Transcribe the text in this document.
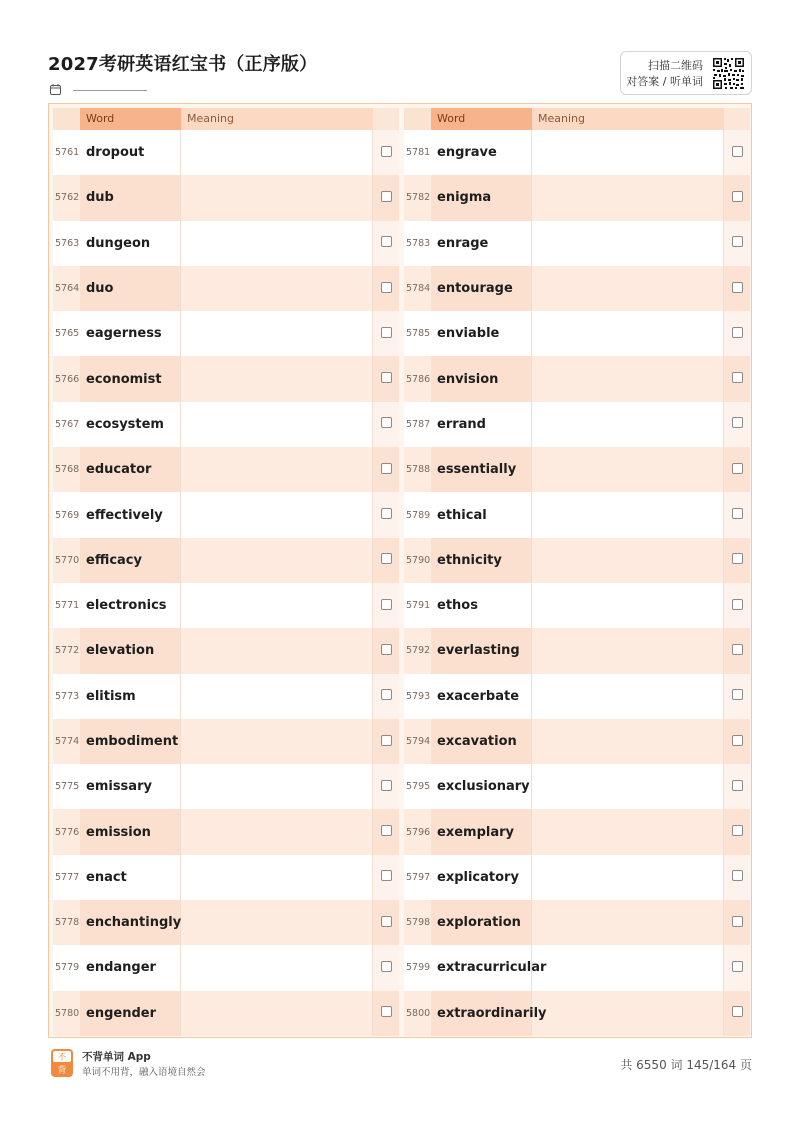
2027考研英语红宝书（正序版）	扫描二维码
对答案 / 听单词
Word	Meaning
5761 dropout
5762 dub
5763 dungeon
5764 duo
5765 eagerness
5766 economist
5767 ecosystem
5768 educator
5769 effectively
5770 efficacy
5771 electronics
5772 elevation
5773 elitism
5774 embodiment
5775 emissary
5776 emission
5777 enact
5778 enchantingly
5779 endanger
5780 engender
Word	Meaning
5781 engrave
5782 enigma
5783 enrage
5784 entourage
5785 enviable
5786 envision
5787 errand
5788 essentially
5789 ethical
5790 ethnicity
5791 ethos
5792 everlasting
5793 exacerbate
5794 excavation
5795 exclusionary
5796 exemplary
5797 explicatory
5798 exploration
5799 extracurricular
5800 extraordinarily
不
背
不背单词 App
单词不用背，融入语境自然会
共 6550 词 145/164 页
